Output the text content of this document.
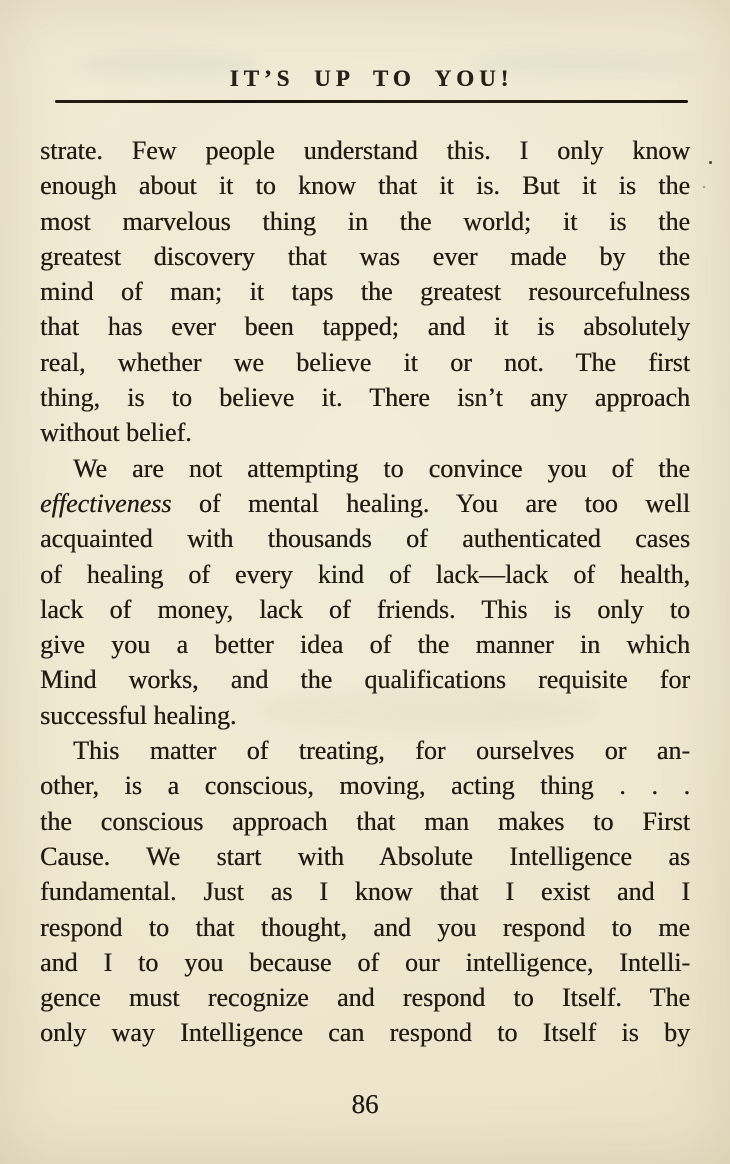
IT’S UP TO YOU!
strate. Few people understand this. I only know
enough about it to know that it is. But it is the
most marvelous thing in the world; it is the
greatest discovery that was ever made by the
mind of man; it taps the greatest resourcefulness
that has ever been tapped; and it is absolutely
real, whether we believe it or not. The first
thing, is to believe it. There isn’t any approach
without belief.
We are not attempting to convince you of the
effectiveness of mental healing. You are too well
acquainted with thousands of authenticated cases
of healing of every kind of lack—lack of health,
lack of money, lack of friends. This is only to
give you a better idea of the manner in which
Mind works, and the qualifications requisite for
successful healing.
This matter of treating, for ourselves or an-
other, is a conscious, moving, acting thing . . .
the conscious approach that man makes to First
Cause. We start with Absolute Intelligence as
fundamental. Just as I know that I exist and I
respond to that thought, and you respond to me
and I to you because of our intelligence, Intelli-
gence must recognize and respond to Itself. The
only way Intelligence can respond to Itself is by
86
